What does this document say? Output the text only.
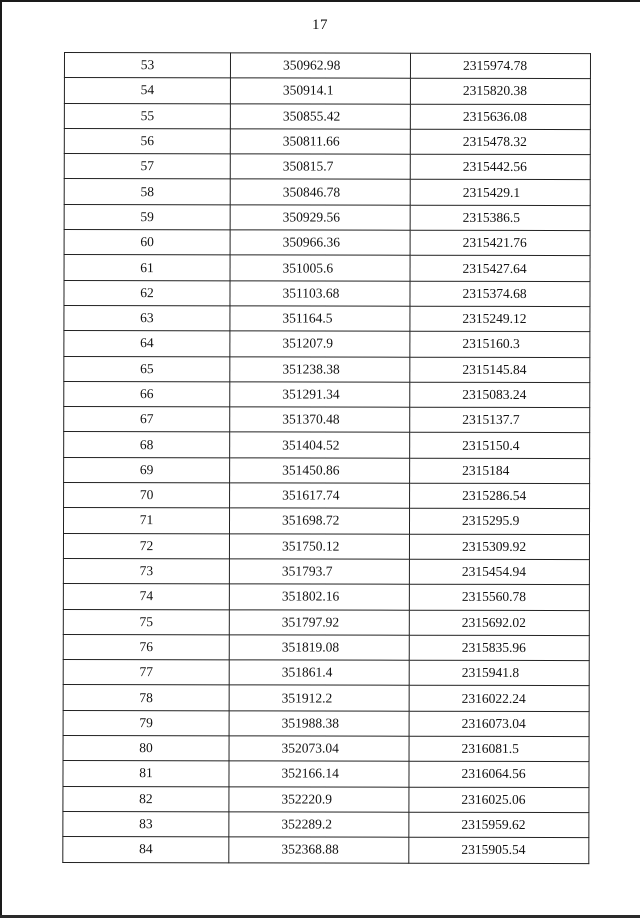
17
53	350962.98	2315974.78
54	350914.1	2315820.38
55	350855.42	2315636.08
56	350811.66	2315478.32
57	350815.7	2315442.56
58	350846.78	2315429.1
59	350929.56	2315386.5
60	350966.36	2315421.76
61	351005.6	2315427.64
62	351103.68	2315374.68
63	351164.5	2315249.12
64	351207.9	2315160.3
65	351238.38	2315145.84
66	351291.34	2315083.24
67	351370.48	2315137.7
68	351404.52	2315150.4
69	351450.86	2315184
70	351617.74	2315286.54
71	351698.72	2315295.9
72	351750.12	2315309.92
73	351793.7	2315454.94
74	351802.16	2315560.78
75	351797.92	2315692.02
76	351819.08	2315835.96
77	351861.4	2315941.8
78	351912.2	2316022.24
79	351988.38	2316073.04
80	352073.04	2316081.5
81	352166.14	2316064.56
82	352220.9	2316025.06
83	352289.2	2315959.62
84	352368.88	2315905.54
